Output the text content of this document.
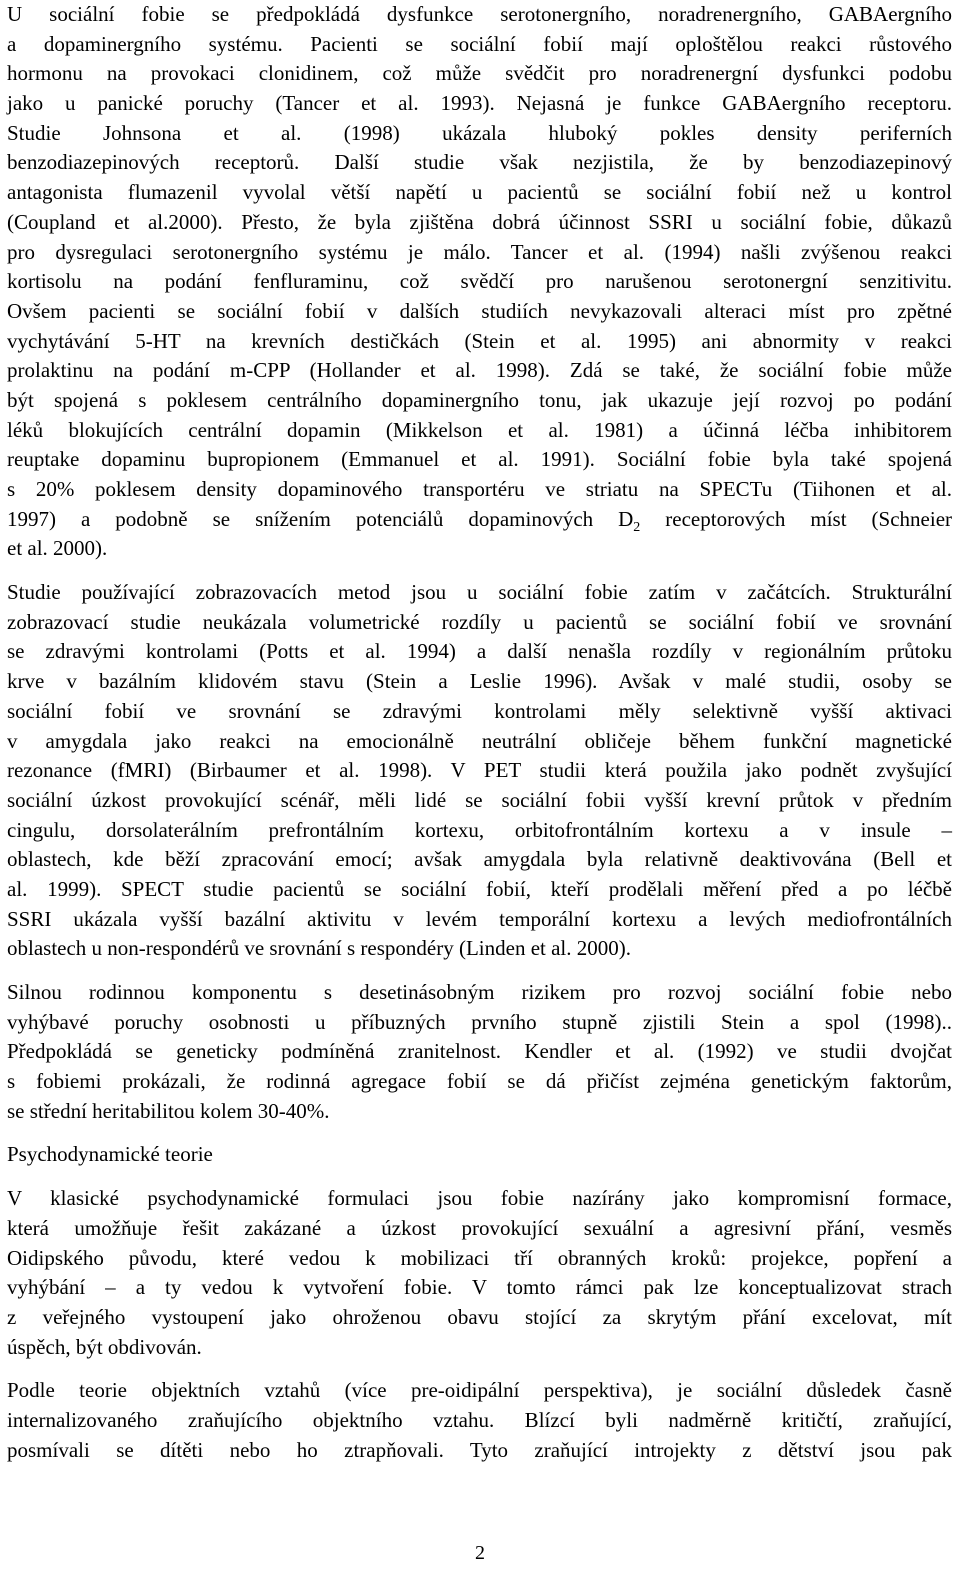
U sociální fobie se předpokládá dysfunkce serotonergního, noradrenergního, GABAergního
a dopaminergního systému. Pacienti se sociální fobií mají oploštělou reakci růstového
hormonu na provokaci clonidinem, což může svědčit pro noradrenergní dysfunkci podobu
jako u panické poruchy (Tancer et al. 1993). Nejasná je funkce GABAergního receptoru.
Studie Johnsona et al. (1998) ukázala hluboký pokles density periferních
benzodiazepinových receptorů. Další studie však nezjistila, že by benzodiazepinový
antagonista flumazenil vyvolal větší napětí u pacientů se sociální fobií než u kontrol
(Coupland et al.2000). Přesto, že byla zjištěna dobrá účinnost SSRI u sociální fobie, důkazů
pro dysregulaci serotonergního systému je málo. Tancer et al. (1994) našli zvýšenou reakci
kortisolu na podání fenfluraminu, což svědčí pro narušenou serotonergní senzitivitu.
Ovšem pacienti se sociální fobií v dalších studiích nevykazovali alteraci míst pro zpětné
vychytávání 5-HT na krevních destičkách (Stein et al. 1995) ani abnormity v reakci
prolaktinu na podání m-CPP (Hollander et al. 1998). Zdá se také, že sociální fobie může
být spojená s poklesem centrálního dopaminergního tonu, jak ukazuje její rozvoj po podání
léků blokujících centrální dopamin (Mikkelson et al. 1981) a účinná léčba inhibitorem
reuptake dopaminu bupropionem (Emmanuel et al. 1991). Sociální fobie byla také spojená
s 20% poklesem density dopaminového transportéru ve striatu na SPECTu (Tiihonen et al.
1997) a podobně se snížením potenciálů dopaminových $D_2$ receptorových míst (Schneier
et al. 2000).
Studie používající zobrazovacích metod jsou u sociální fobie zatím v začátcích. Strukturální
zobrazovací studie neukázala volumetrické rozdíly u pacientů se sociální fobií ve srovnání
se zdravými kontrolami (Potts et al. 1994) a další nenašla rozdíly v regionálním průtoku
krve v bazálním klidovém stavu (Stein a Leslie 1996). Avšak v malé studii, osoby se
sociální fobií ve srovnání se zdravými kontrolami měly selektivně vyšší aktivaci
v amygdala jako reakci na emocionálně neutrální obličeje během funkční magnetické
rezonance (fMRI) (Birbaumer et al. 1998). V PET studii která použila jako podnět zvyšující
sociální úzkost provokující scénář, měli lidé se sociální fobii vyšší krevní průtok v předním
cingulu, dorsolaterálním prefrontálním kortexu, orbitofrontálním kortexu a v insule –
oblastech, kde běží zpracování emocí; avšak amygdala byla relativně deaktivována (Bell et
al. 1999). SPECT studie pacientů se sociální fobií, kteří prodělali měření před a po léčbě
SSRI ukázala vyšší bazální aktivitu v levém temporální kortexu a levých mediofrontálních
oblastech u non-respondérů ve srovnání s respondéry (Linden et al. 2000).
Silnou rodinnou komponentu s desetinásobným rizikem pro rozvoj sociální fobie nebo
vyhýbavé poruchy osobnosti u příbuzných prvního stupně zjistili Stein a spol (1998)..
Předpokládá se geneticky podmíněná zranitelnost. Kendler et al. (1992) ve studii dvojčat
s fobiemi prokázali, že rodinná agregace fobií se dá přičíst zejména genetickým faktorům,
se střední heritabilitou kolem 30-40%.
Psychodynamické teorie
V klasické psychodynamické formulaci jsou fobie nazírány jako kompromisní formace,
která umožňuje řešit zakázané a úzkost provokující sexuální a agresivní přání, vesměs
Oidipského původu, které vedou k mobilizaci tří obranných kroků: projekce, popření a
vyhýbání – a ty vedou k vytvoření fobie. V tomto rámci pak lze konceptualizovat strach
z veřejného vystoupení jako ohroženou obavu stojící za skrytým přání excelovat, mít
úspěch, být obdivován.
Podle teorie objektních vztahů (více pre-oidipální perspektiva), je sociální důsledek časně
internalizovaného zraňujícího objektního vztahu. Blízcí byli nadměrně kritičtí, zraňující,
posmívali se dítěti nebo ho ztrapňovali. Tyto zraňující introjekty z dětství jsou pak
2
